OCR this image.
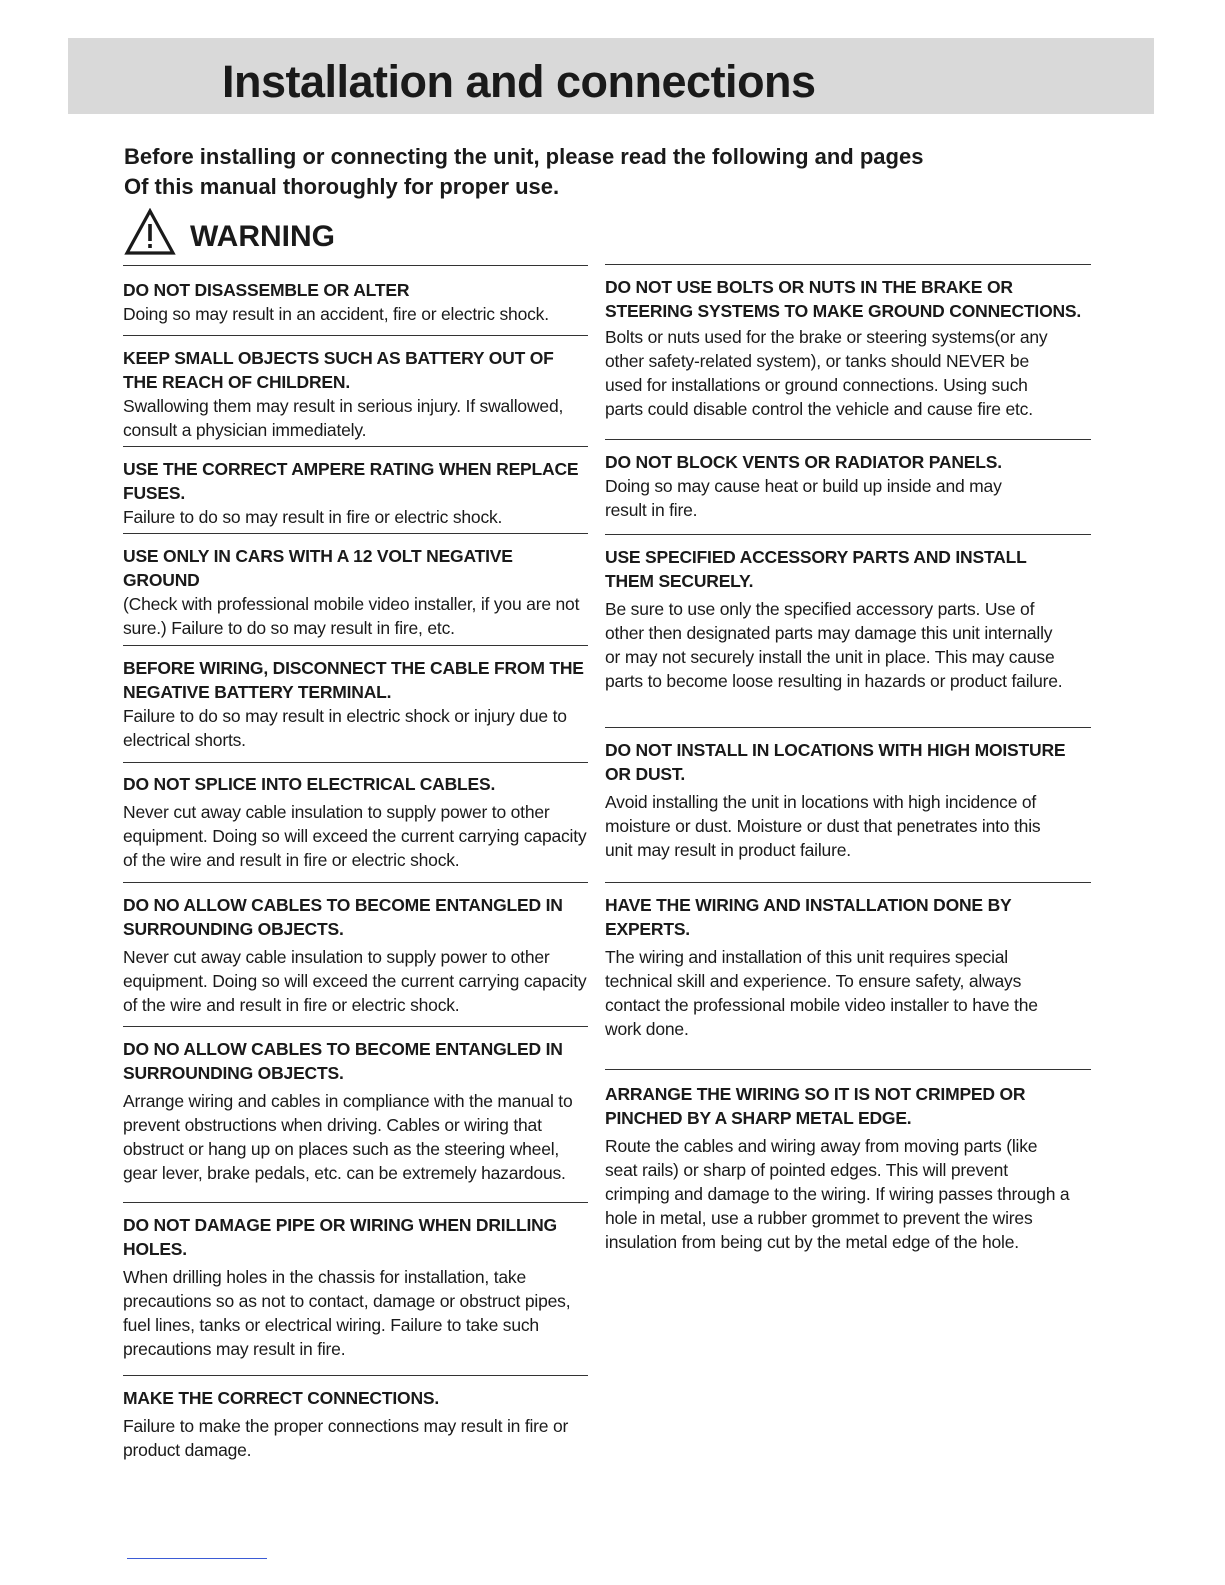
Installation and connections
Before installing or connecting the unit, please read the following and pages
Of this manual thoroughly for proper use.
WARNING

DO NOT DISASSEMBLE OR ALTER

Doing so may result in an accident, fire or electric shock.

KEEP SMALL OBJECTS SUCH AS BATTERY OUT OF THE REACH OF CHILDREN.

Swallowing them may result in serious injury. If swallowed, consult a physician immediately.

USE THE CORRECT AMPERE RATING WHEN REPLACE FUSES.

Failure to do so may result in fire or electric shock.

USE ONLY IN CARS WITH A 12 VOLT NEGATIVE GROUND

(Check with professional mobile video installer, if you are not sure.) Failure to do so may result in fire, etc.

BEFORE WIRING, DISCONNECT THE CABLE FROM THE NEGATIVE BATTERY TERMINAL.

Failure to do so may result in electric shock or injury due to electrical shorts.

DO NOT SPLICE INTO ELECTRICAL CABLES.

Never cut away cable insulation to supply power to other equipment. Doing so will exceed the current carrying capacity of the wire and result in fire or electric shock.

DO NO ALLOW CABLES TO BECOME ENTANGLED IN SURROUNDING OBJECTS.

Never cut away cable insulation to supply power to other equipment. Doing so will exceed the current carrying capacity of the wire and result in fire or electric shock.

DO NO ALLOW CABLES TO BECOME ENTANGLED IN SURROUNDING OBJECTS.

Arrange wiring and cables in compliance with the manual to prevent obstructions when driving. Cables or wiring that obstruct or hang up on places such as the steering wheel, gear lever, brake pedals, etc. can be extremely hazardous.

DO NOT DAMAGE PIPE OR WIRING WHEN DRILLING HOLES.

When drilling holes in the chassis for installation, take precautions so as not to contact, damage or obstruct pipes, fuel lines, tanks or electrical wiring. Failure to take such precautions may result in fire.

MAKE THE CORRECT CONNECTIONS.

Failure to make the proper connections may result in fire or product damage.

DO NOT USE BOLTS OR NUTS IN THE BRAKE OR STEERING SYSTEMS TO MAKE GROUND CONNECTIONS.

Bolts or nuts used for the brake or steering systems(or any other safety-related system), or tanks should NEVER be used for installations or ground connections. Using such parts could disable control the vehicle and cause fire etc.

DO NOT BLOCK VENTS OR RADIATOR PANELS.

Doing so may cause heat or build up inside and may result in fire.

USE SPECIFIED ACCESSORY PARTS AND INSTALL THEM SECURELY.

Be sure to use only the specified accessory parts. Use of other then designated parts may damage this unit internally or may not securely install the unit in place. This may cause parts to become loose resulting in hazards or product failure.

DO NOT INSTALL IN LOCATIONS WITH HIGH MOISTURE OR DUST.

Avoid installing the unit in locations with high incidence of moisture or dust. Moisture or dust that penetrates into this unit may result in product failure.

HAVE THE WIRING AND INSTALLATION DONE BY EXPERTS.

The wiring and installation of this unit requires special technical skill and experience. To ensure safety, always contact the professional mobile video installer to have the work done.

ARRANGE THE WIRING SO IT IS NOT CRIMPED OR PINCHED BY A SHARP METAL EDGE.

Route the cables and wiring away from moving parts (like seat rails) or sharp of pointed edges. This will prevent crimping and damage to the wiring. If wiring passes through a hole in metal, use a rubber grommet to prevent the wires insulation from being cut by the metal edge of the hole.
